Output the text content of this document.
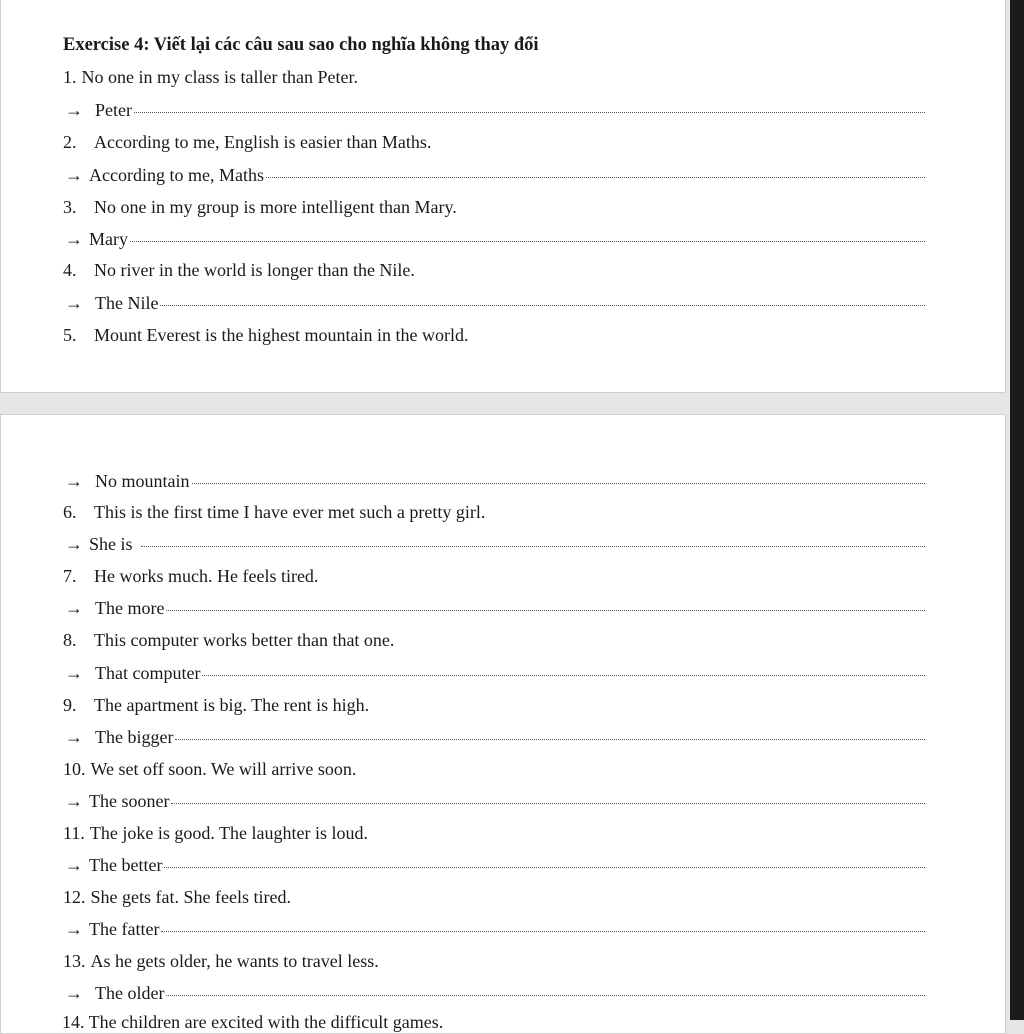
Exercise 4: Viết lại các câu sau sao cho nghĩa không thay đổi
1. No one in my class is taller than Peter.
→ Peter
2. According to me, English is easier than Maths.
→ According to me, Maths
3. No one in my group is more intelligent than Mary.
→ Mary
4. No river in the world is longer than the Nile.
→ The Nile
5. Mount Everest is the highest mountain in the world.
→ No mountain
6. This is the first time I have ever met such a pretty girl.
→ She is
7. He works much. He feels tired.
→ The more
8. This computer works better than that one.
→ That computer
9. The apartment is big. The rent is high.
→ The bigger
10. We set off soon. We will arrive soon.
→ The sooner
11. The joke is good. The laughter is loud.
→ The better
12. She gets fat. She feels tired.
→ The fatter
13. As he gets older, he wants to travel less.
→ The older
14. The children are excited with the difficult games.
